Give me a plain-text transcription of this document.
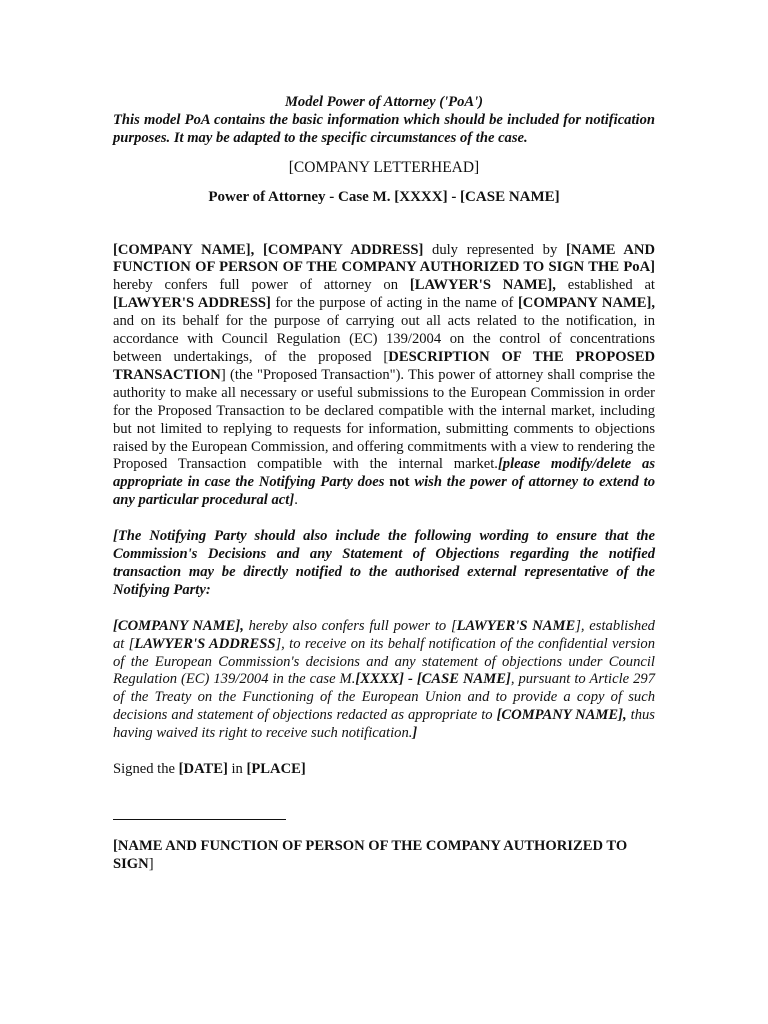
Model Power of Attorney ('PoA')

This model PoA contains the basic information which should be included for notification purposes. It may be adapted to the specific circumstances of the case.

[COMPANY LETTERHEAD]

Power of Attorney - Case M. [XXXX] - [CASE NAME]

[COMPANY NAME], [COMPANY ADDRESS] duly represented by [NAME AND FUNCTION OF PERSON OF THE COMPANY AUTHORIZED TO SIGN THE PoA] hereby confers full power of attorney on [LAWYER'S NAME], established at [LAWYER'S ADDRESS] for the purpose of acting in the name of [COMPANY NAME], and on its behalf for the purpose of carrying out all acts related to the notification, in accordance with Council Regulation (EC) 139/2004 on the control of concentrations between undertakings, of the proposed [DESCRIPTION OF THE PROPOSED TRANSACTION] (the "Proposed Transaction"). This power of attorney shall comprise the authority to make all necessary or useful submissions to the European Commission in order for the Proposed Transaction to be declared compatible with the internal market, including but not limited to replying to requests for information, submitting comments to objections raised by the European Commission, and offering commitments with a view to rendering the Proposed Transaction compatible with the internal market.[please modify/delete as appropriate in case the Notifying Party does not wish the power of attorney to extend to any particular procedural act].

[The Notifying Party should also include the following wording to ensure that the Commission's Decisions and any Statement of Objections regarding the notified transaction may be directly notified to the authorised external representative of the Notifying Party:

[COMPANY NAME], hereby also confers full power to [LAWYER'S NAME], established at [LAWYER'S ADDRESS], to receive on its behalf notification of the confidential version of the European Commission's decisions and any statement of objections under Council Regulation (EC) 139/2004 in the case M.[XXXX] - [CASE NAME], pursuant to Article 297 of the Treaty on the Functioning of the European Union and to provide a copy of such decisions and statement of objections redacted as appropriate to [COMPANY NAME], thus having waived its right to receive such notification.]

Signed the [DATE] in [PLACE]

[NAME AND FUNCTION OF PERSON OF THE COMPANY AUTHORIZED TO SIGN]
